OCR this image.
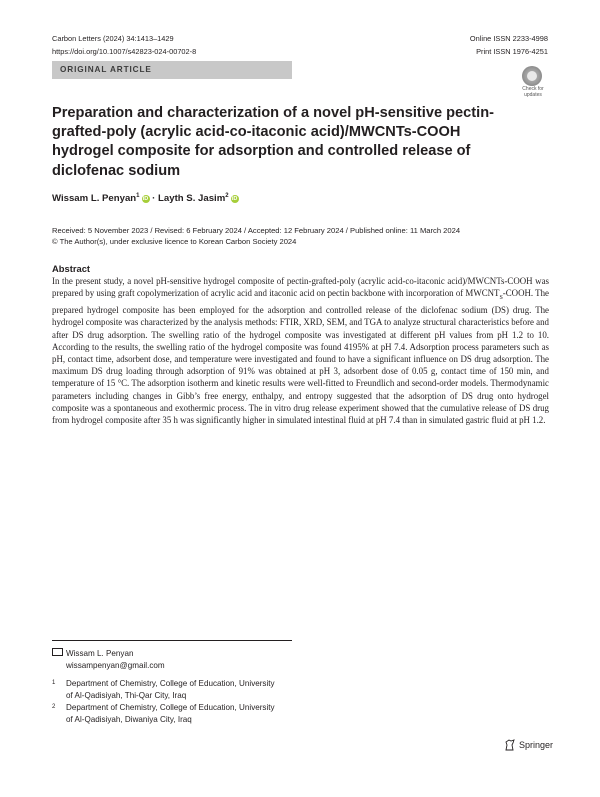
Carbon Letters (2024) 34:1413–1429
https://doi.org/10.1007/s42823-024-00702-8
Online ISSN 2233-4998
Print ISSN 1976-4251
ORIGINAL ARTICLE
Check for
updates
Preparation and characterization of a novel pH-sensitive pectin-grafted-poly (acrylic acid-co-itaconic acid)/MWCNTs-COOH hydrogel composite for adsorption and controlled release of diclofenac sodium
Wissam L. Penyan$^1$iD · Layth S. Jasim$^2$iD
Received: 5 November 2023 / Revised: 6 February 2024 / Accepted: 12 February 2024 / Published online: 11 March 2024
© The Author(s), under exclusive licence to Korean Carbon Society 2024
Abstract

In the present study, a novel pH-sensitive hydrogel composite of pectin-grafted-poly (acrylic acid-co-itaconic acid)/MWCNTs-COOH was prepared by using graft copolymerization of acrylic acid and itaconic acid on pectin backbone with incorporation of $MWCNT_S$-COOH. The prepared hydrogel composite has been employed for the adsorption and controlled release of the diclofenac sodium (DS) drug. The hydrogel composite was characterized by the analysis methods: FTIR, XRD, SEM, and TGA to analyze structural characteristics before and after DS drug adsorption. The swelling ratio of the hydrogel composite was investigated at different pH values from pH 1.2 to 10. According to the results, the swelling ratio of the hydrogel composite was found 4195% at pH 7.4. Adsorption process parameters such as pH, contact time, adsorbent dose, and temperature were investigated and found to have a significant influence on DS drug adsorption. The maximum DS drug loading through adsorption of 91% was obtained at pH 3, adsorbent dose of 0.05 g, contact time of 150 min, and temperature of 15 °C. The adsorption isotherm and kinetic results were well-fitted to Freundlich and second-order models. Thermodynamic parameters including changes in Gibb’s free energy, enthalpy, and entropy suggested that the adsorption of DS drug onto hydrogel composite was a spontaneous and exothermic process. The in vitro drug release experiment showed that the cumulative release of DS drug from hydrogel composite after 35 h was significantly higher in simulated intestinal fluid at pH 7.4 than in simulated gastric fluid at pH 1.2.

Wissam L. Penyan
wissampenyan@gmail.com
1	Department of Chemistry, College of Education, University
of Al-Qadisiyah, Thi-Qar City, Iraq
2	Department of Chemistry, College of Education, University
of Al-Qadisiyah, Diwaniya City, Iraq
Springer
